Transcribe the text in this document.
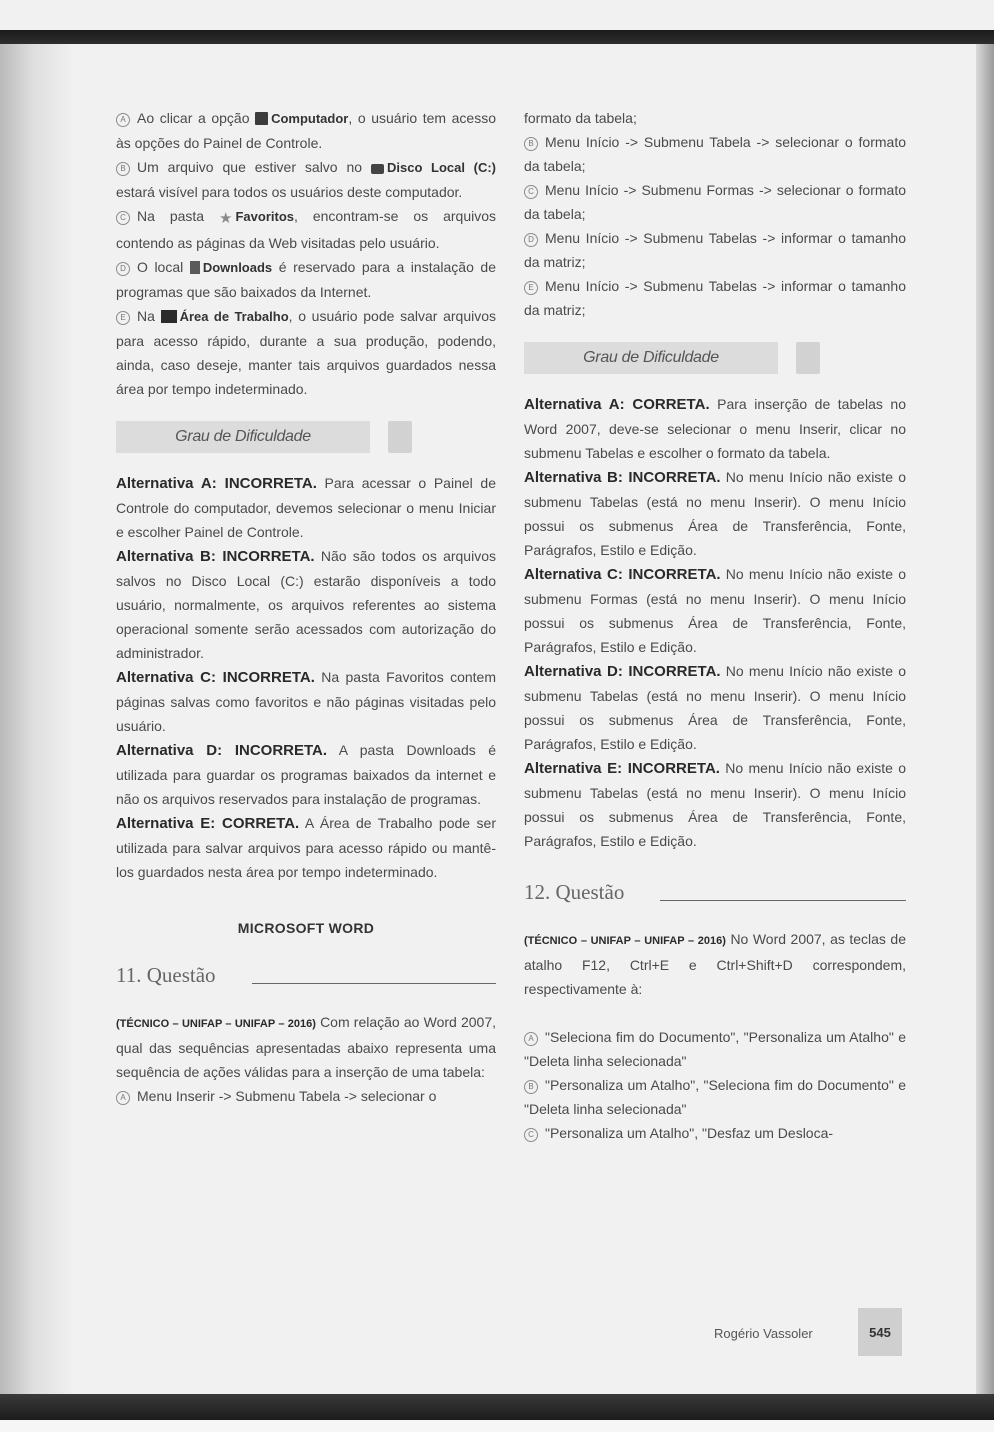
A Ao clicar a opção Computador, o usuário tem acesso às opções do Painel de Controle.

B Um arquivo que estiver salvo no Disco Local (C:) estará visível para todos os usuários deste computador.

C Na pasta ★ Favoritos, encontram-se os arquivos contendo as páginas da Web visitadas pelo usuário.

D O local Downloads é reservado para a instalação de programas que são baixados da Internet.

E Na Área de Trabalho, o usuário pode salvar arquivos para acesso rápido, durante a sua produção, podendo, ainda, caso deseje, manter tais arquivos guardados nessa área por tempo indeterminado.

Grau de Dificuldade

Alternativa A: INCORRETA. Para acessar o Painel de Controle do computador, devemos selecionar o menu Iniciar e escolher Painel de Controle.

Alternativa B: INCORRETA. Não são todos os arquivos salvos no Disco Local (C:) estarão disponíveis a todo usuário, normalmente, os arquivos referentes ao sistema operacional somente serão acessados com autorização do administrador.

Alternativa C: INCORRETA. Na pasta Favoritos contem páginas salvas como favoritos e não páginas visitadas pelo usuário.

Alternativa D: INCORRETA. A pasta Downloads é utilizada para guardar os programas baixados da internet e não os arquivos reservados para instalação de programas.

Alternativa E: CORRETA. A Área de Trabalho pode ser utilizada para salvar arquivos para acesso rápido ou mantê-los guardados nesta área por tempo indeterminado.

MICROSOFT WORD
11. Questão

(TÉCNICO – UNIFAP – UNIFAP – 2016) Com relação ao Word 2007, qual das sequências apresentadas abaixo representa uma sequência de ações válidas para a inserção de uma tabela:

A Menu Inserir -> Submenu Tabela -> selecionar o

formato da tabela;

B Menu Início -> Submenu Tabela -> selecionar o formato da tabela;

C Menu Início -> Submenu Formas -> selecionar o formato da tabela;

D Menu Início -> Submenu Tabelas -> informar o tamanho da matriz;

E Menu Início -> Submenu Tabelas -> informar o tamanho da matriz;

Grau de Dificuldade

Alternativa A: CORRETA. Para inserção de tabelas no Word 2007, deve-se selecionar o menu Inserir, clicar no submenu Tabelas e escolher o formato da tabela.

Alternativa B: INCORRETA. No menu Início não existe o submenu Tabelas (está no menu Inserir). O menu Início possui os submenus Área de Transferência, Fonte, Parágrafos, Estilo e Edição.

Alternativa C: INCORRETA. No menu Início não existe o submenu Formas (está no menu Inserir). O menu Início possui os submenus Área de Transferência, Fonte, Parágrafos, Estilo e Edição.

Alternativa D: INCORRETA. No menu Início não existe o submenu Tabelas (está no menu Inserir). O menu Início possui os submenus Área de Transferência, Fonte, Parágrafos, Estilo e Edição.

Alternativa E: INCORRETA. No menu Início não existe o submenu Tabelas (está no menu Inserir). O menu Início possui os submenus Área de Transferência, Fonte, Parágrafos, Estilo e Edição.

12. Questão

(TÉCNICO – UNIFAP – UNIFAP – 2016) No Word 2007, as teclas de atalho F12, Ctrl+E e Ctrl+Shift+D correspondem, respectivamente à:

A "Seleciona fim do Documento", "Personaliza um Atalho" e "Deleta linha selecionada"

B "Personaliza um Atalho", "Seleciona fim do Documento" e "Deleta linha selecionada"

C "Personaliza um Atalho", "Desfaz um Desloca-

Rogério Vassoler	545
